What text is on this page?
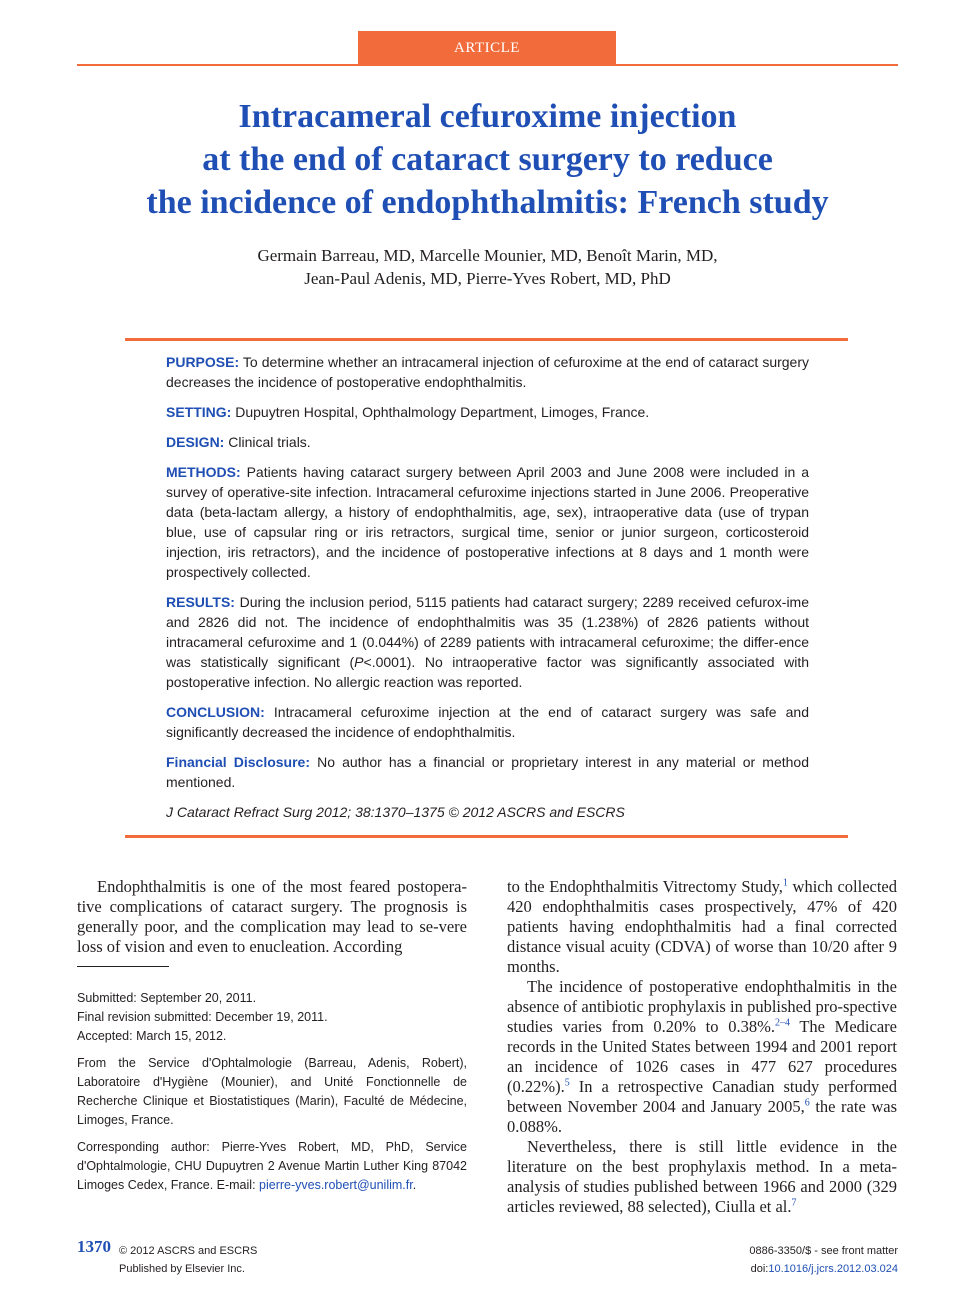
ARTICLE
Intracameral cefuroxime injection
at the end of cataract surgery to reduce
the incidence of endophthalmitis: French study

Germain Barreau, MD, Marcelle Mounier, MD, Benoît Marin, MD,
Jean-Paul Adenis, MD, Pierre-Yves Robert, MD, PhD

PURPOSE: To determine whether an intracameral injection of cefuroxime at the end of cataract surgery decreases the incidence of postoperative endophthalmitis.

SETTING: Dupuytren Hospital, Ophthalmology Department, Limoges, France.

DESIGN: Clinical trials.

METHODS: Patients having cataract surgery between April 2003 and June 2008 were included in a survey of operative-site infection. Intracameral cefuroxime injections started in June 2006. Preoperative data (beta-lactam allergy, a history of endophthalmitis, age, sex), intraoperative data (use of trypan blue, use of capsular ring or iris retractors, surgical time, senior or junior surgeon, corticosteroid injection, iris retractors), and the incidence of postoperative infections at 8 days and 1 month were prospectively collected.

RESULTS: During the inclusion period, 5115 patients had cataract surgery; 2289 received cefurox-ime and 2826 did not. The incidence of endophthalmitis was 35 (1.238%) of 2826 patients without intracameral cefuroxime and 1 (0.044%) of 2289 patients with intracameral cefuroxime; the differ-ence was statistically significant (P<.0001). No intraoperative factor was significantly associated with postoperative infection. No allergic reaction was reported.

CONCLUSION: Intracameral cefuroxime injection at the end of cataract surgery was safe and significantly decreased the incidence of endophthalmitis.

Financial Disclosure: No author has a financial or proprietary interest in any material or method mentioned.

J Cataract Refract Surg 2012; 38:1370–1375 © 2012 ASCRS and ESCRS

Endophthalmitis is one of the most feared postopera-tive complications of cataract surgery. The prognosis is generally poor, and the complication may lead to se-vere loss of vision and even to enucleation. According

Submitted: September 20, 2011.

Final revision submitted: December 19, 2011.

Accepted: March 15, 2012.

From the Service d'Ophtalmologie (Barreau, Adenis, Robert), Laboratoire d'Hygiène (Mounier), and Unité Fonctionnelle de Recherche Clinique et Biostatistiques (Marin), Faculté de Médecine, Limoges, France.

Corresponding author: Pierre-Yves Robert, MD, PhD, Service d'Ophtalmologie, CHU Dupuytren 2 Avenue Martin Luther King 87042 Limoges Cedex, France. E-mail: pierre-yves.robert@unilim.fr.

to the Endophthalmitis Vitrectomy Study,$^1$ which collected 420 endophthalmitis cases prospectively, 47% of 420 patients having endophthalmitis had a final corrected distance visual acuity (CDVA) of worse than 10/20 after 9 months.

The incidence of postoperative endophthalmitis in the absence of antibiotic prophylaxis in published pro-spective studies varies from 0.20% to 0.38%.$^{2-4}$ The Medicare records in the United States between 1994 and 2001 report an incidence of 1026 cases in 477 627 procedures (0.22%).$^5$ In a retrospective Canadian study performed between November 2004 and January 2005,$^6$ the rate was 0.088%.

Nevertheless, there is still little evidence in the literature on the best prophylaxis method. In a meta-analysis of studies published between 1966 and 2000 (329 articles reviewed, 88 selected), Ciulla et al.$^7$

1370 © 2012 ASCRS and ESCRS
Published by Elsevier Inc.
0886-3350/$ - see front matter
doi:10.1016/j.jcrs.2012.03.024
